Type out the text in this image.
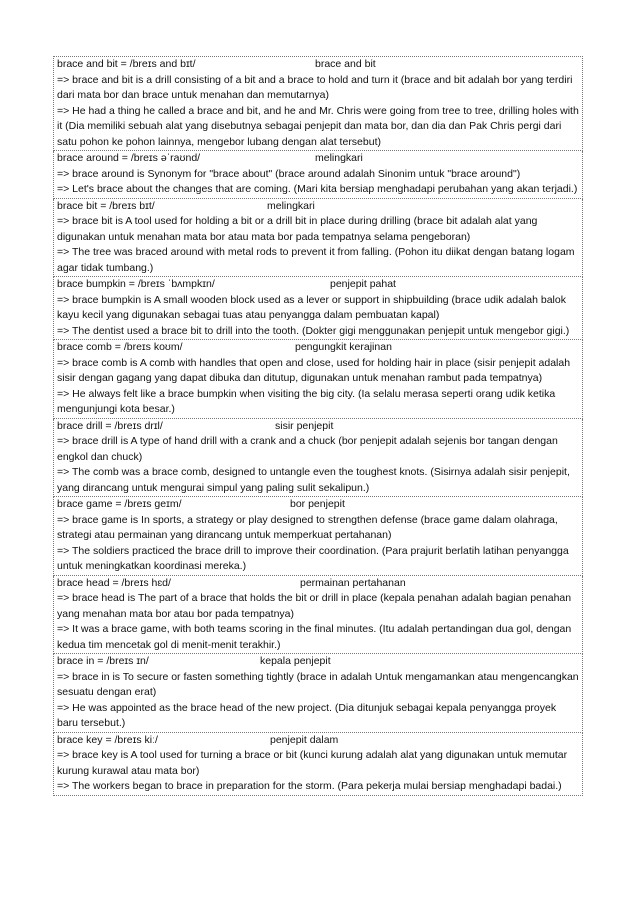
brace and bit = /breɪs and bɪt/	brace and bit

=> brace and bit is a drill consisting of a bit and a brace to hold and turn it (brace and bit adalah bor yang terdiri dari mata bor dan brace untuk menahan dan memutarnya)

=> He had a thing he called a brace and bit, and he and Mr. Chris were going from tree to tree, drilling holes with it (Dia memiliki sebuah alat yang disebutnya sebagai penjepit dan mata bor, dan dia dan Pak Chris pergi dari satu pohon ke pohon lainnya, mengebor lubang dengan alat tersebut)

brace around = /breɪs əˈraʊnd/	melingkari

=> brace around is Synonym for "brace about" (brace around adalah Sinonim untuk "brace around")

=> Let's brace about the changes that are coming. (Mari kita bersiap menghadapi perubahan yang akan terjadi.)

brace bit = /breɪs bɪt/	melingkari

=> brace bit is A tool used for holding a bit or a drill bit in place during drilling (brace bit adalah alat yang digunakan untuk menahan mata bor atau mata bor pada tempatnya selama pengeboran)

=> The tree was braced around with metal rods to prevent it from falling. (Pohon itu diikat dengan batang logam agar tidak tumbang.)

brace bumpkin = /breɪs ˈbʌmpkɪn/	penjepit pahat

=> brace bumpkin is A small wooden block used as a lever or support in shipbuilding (brace udik adalah balok kayu kecil yang digunakan sebagai tuas atau penyangga dalam pembuatan kapal)

=> The dentist used a brace bit to drill into the tooth. (Dokter gigi menggunakan penjepit untuk mengebor gigi.)

brace comb = /breɪs koʊm/	pengungkit kerajinan

=> brace comb is A comb with handles that open and close, used for holding hair in place (sisir penjepit adalah sisir dengan gagang yang dapat dibuka dan ditutup, digunakan untuk menahan rambut pada tempatnya)

=> He always felt like a brace bumpkin when visiting the big city. (Ia selalu merasa seperti orang udik ketika mengunjungi kota besar.)

brace drill = /breɪs drɪl/	sisir penjepit

=> brace drill is A type of hand drill with a crank and a chuck (bor penjepit adalah sejenis bor tangan dengan engkol dan chuck)

=> The comb was a brace comb, designed to untangle even the toughest knots. (Sisirnya adalah sisir penjepit, yang dirancang untuk mengurai simpul yang paling sulit sekalipun.)

brace game = /breɪs geɪm/	bor penjepit

=> brace game is In sports, a strategy or play designed to strengthen defense (brace game dalam olahraga, strategi atau permainan yang dirancang untuk memperkuat pertahanan)

=> The soldiers practiced the brace drill to improve their coordination. (Para prajurit berlatih latihan penyangga untuk meningkatkan koordinasi mereka.)

brace head = /breɪs hɛd/	permainan pertahanan

=> brace head is The part of a brace that holds the bit or drill in place (kepala penahan adalah bagian penahan yang menahan mata bor atau bor pada tempatnya)

=> It was a brace game, with both teams scoring in the final minutes. (Itu adalah pertandingan dua gol, dengan kedua tim mencetak gol di menit-menit terakhir.)

brace in = /breɪs ɪn/	kepala penjepit

=> brace in is To secure or fasten something tightly (brace in adalah Untuk mengamankan atau mengencangkan sesuatu dengan erat)

=> He was appointed as the brace head of the new project. (Dia ditunjuk sebagai kepala penyangga proyek baru tersebut.)

brace key = /breɪs kiː/	penjepit dalam

=> brace key is A tool used for turning a brace or bit (kunci kurung adalah alat yang digunakan untuk memutar kurung kurawal atau mata bor)

=> The workers began to brace in preparation for the storm. (Para pekerja mulai bersiap menghadapi badai.)
